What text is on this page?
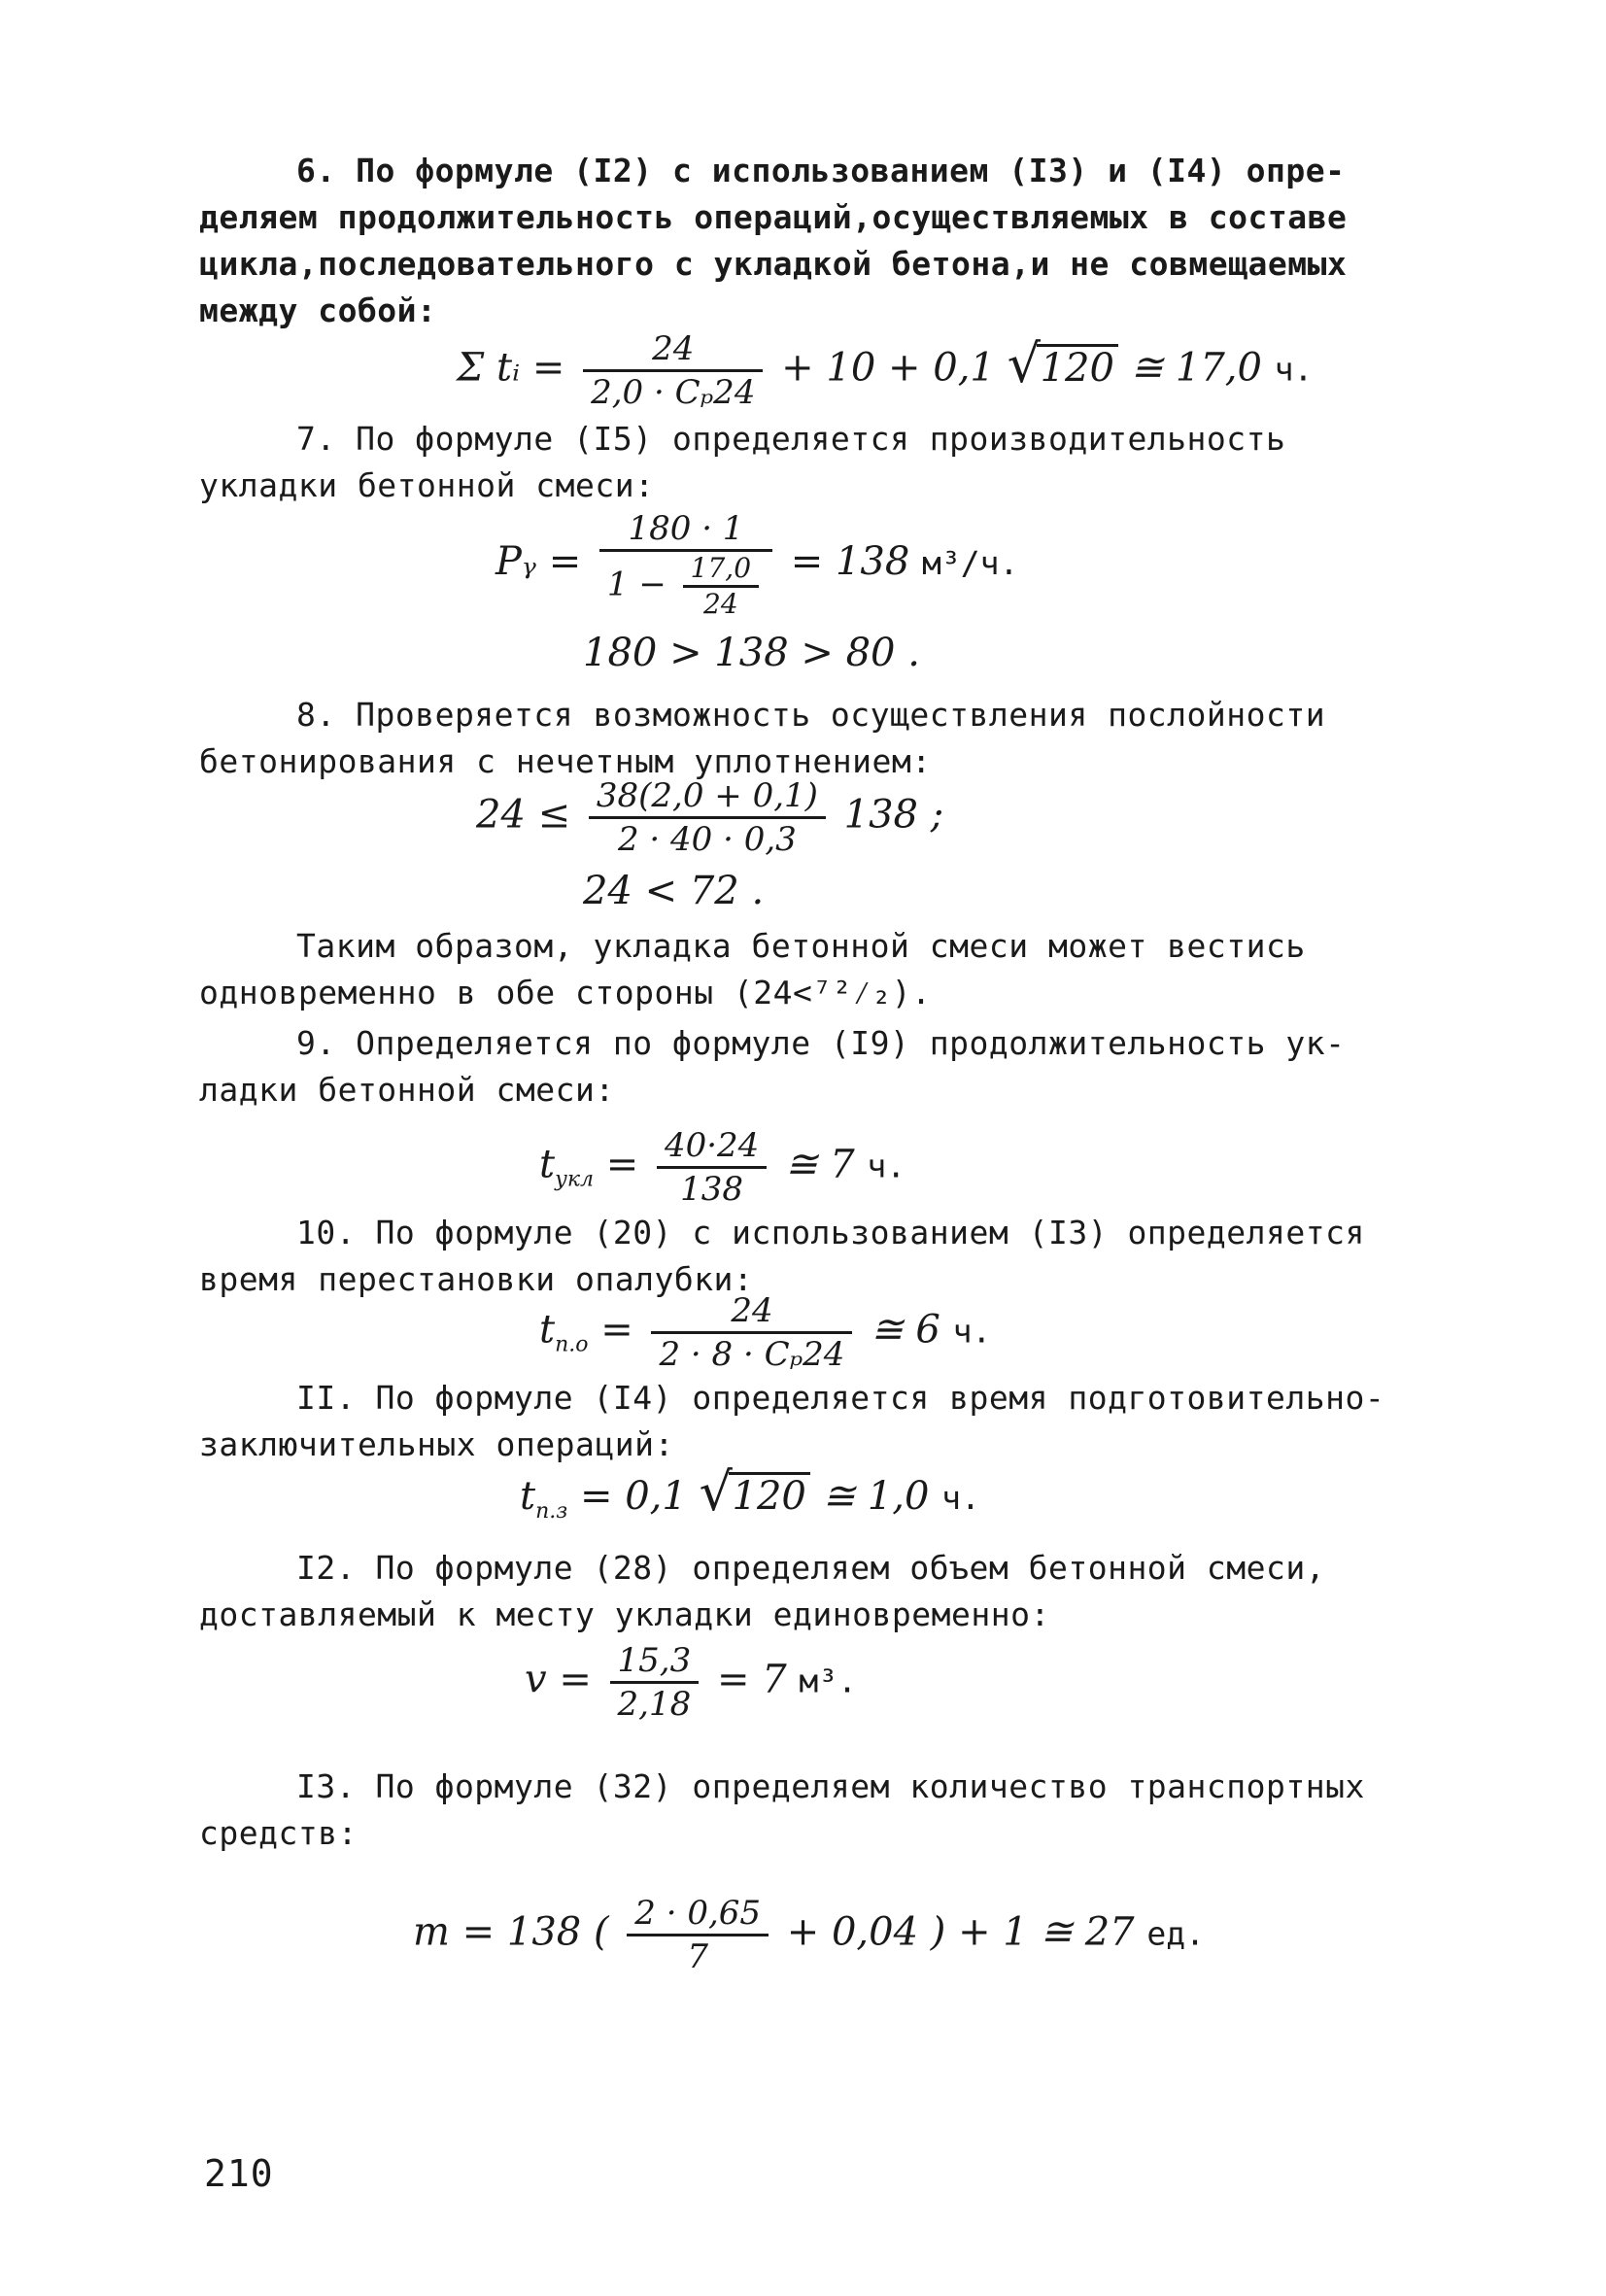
6. По формуле (I2) с использованием (I3) и (I4) опре-
деляем продолжительность операций,осуществляемых в составе
цикла,последовательного с укладкой бетона,и не совмещаемых
между собой:
Σ tᵢ = $\frac{24}{\text{2,0 · Cₚ24}} + 10 + 0,1$ √ 120 ≅ 17,0 ч.
7. По формуле (I5) определяется производительность
укладки бетонной смеси:
Pᵧ = $\frac{180 \cdot 1}{1 - \frac{17,0}{24}} = 138$ м³/ч.
180 > 138 > 80 .
8. Проверяется возможность осуществления послойности
бетонирования с нечетным уплотнением:
$24 \le \frac{38(2,0 + 0,1)}{2 \cdot 40 \cdot 0,3} 138$ ;
24 < 72 .
Таким образом, укладка бетонной смеси может вестись
одновременно в обе стороны (24<⁷²⁄₂).
9. Определяется по формуле (I9) продолжительность ук-
ладки бетонной смеси:
$t_{укл} = \frac{40\cdot 24}{138}$ ≅ 7 ч.
10. По формуле (20) с использованием (I3) определяется
время перестановки опалубки:
$t_{п.о} = \frac{24}{\text{2 · 8 · Cₚ24}}$ ≅ 6 ч.
II. По формуле (I4) определяется время подготовительно-
заключительных операций:
$t_{п.з} = 0,1$ √ 120 ≅ 1,0 ч.
I2. По формуле (28) определяем объем бетонной смеси,
доставляемый к месту укладки единовременно:
$v = \frac{15,3}{2,18} = 7$ м³.
I3. По формуле (32) определяем количество транспортных
средств:
m = 138 ( $\frac{2 \cdot 0,65}{7} + 0,04$ ) + 1 ≅ 27 ед.
210
